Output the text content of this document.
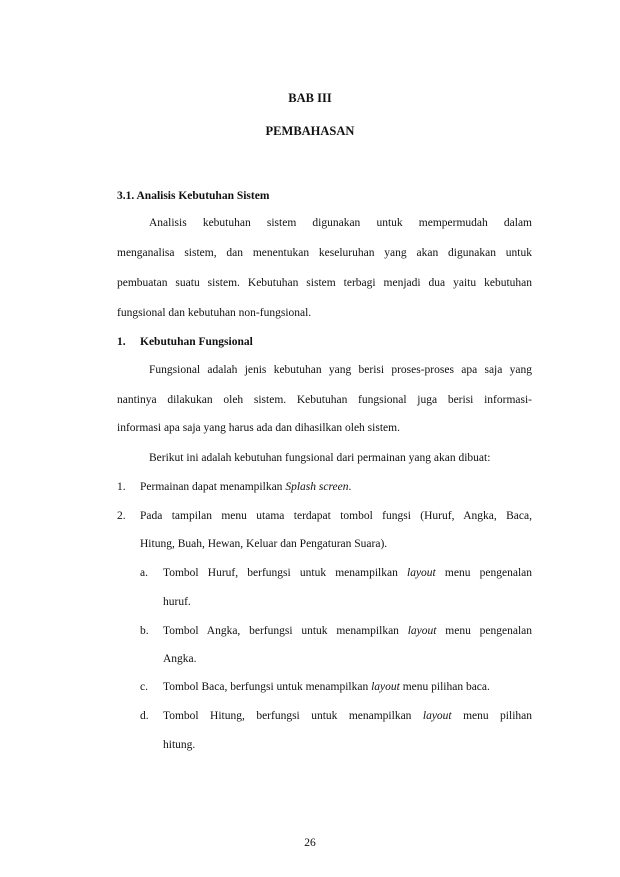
BAB III
PEMBAHASAN
3.1. Analisis Kebutuhan Sistem
Analisis kebutuhan sistem digunakan untuk mempermudah dalam
menganalisa sistem, dan menentukan keseluruhan yang akan digunakan untuk
pembuatan suatu sistem. Kebutuhan sistem terbagi menjadi dua yaitu kebutuhan
fungsional dan kebutuhan non-fungsional.
1. Kebutuhan Fungsional
Fungsional adalah jenis kebutuhan yang berisi proses-proses apa saja yang
nantinya dilakukan oleh sistem. Kebutuhan fungsional juga berisi informasi-
informasi apa saja yang harus ada dan dihasilkan oleh sistem.
Berikut ini adalah kebutuhan fungsional dari permainan yang akan dibuat:
1. Permainan dapat menampilkan Splash screen.
2. Pada tampilan menu utama terdapat tombol fungsi (Huruf, Angka, Baca,
Hitung, Buah, Hewan, Keluar dan Pengaturan Suara).
a. Tombol Huruf, berfungsi untuk menampilkan layout menu pengenalan
huruf.
b. Tombol Angka, berfungsi untuk menampilkan layout menu pengenalan
Angka.
c. Tombol Baca, berfungsi untuk menampilkan layout menu pilihan baca.
d. Tombol Hitung, berfungsi untuk menampilkan layout menu pilihan
hitung.
26
